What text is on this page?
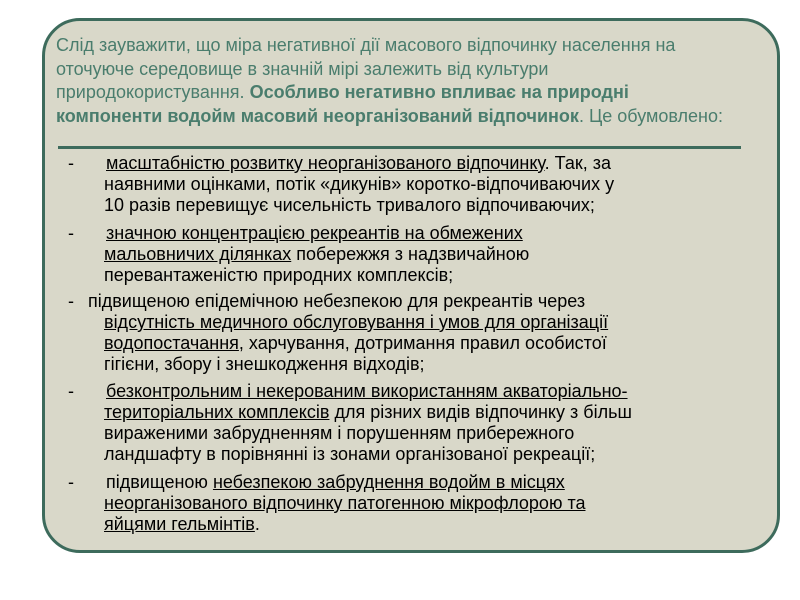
Слід зауважити, що міра негативної дії масового відпочинку населення на
оточуюче середовище в значній мірі залежить від культури
природокористування. Особливо негативно впливає на природні
компоненти водойм масовий неорганізований відпочинок. Це обумовлено:
- масштабністю розвитку неорганізованого відпочинку. Так, за
наявними оцінками, потік «дикунів» коротко-відпочиваючих у
10 разів перевищує чисельність тривалого відпочиваючих;
- значною концентрацією рекреантів на обмежених
мальовничих ділянках побережжя з надзвичайною
перевантаженістю природних комплексів;
- підвищеною епідемічною небезпекою для рекреантів через
відсутність медичного обслуговування і умов для організації
водопостачання, харчування, дотримання правил особистої
гігієни, збору і знешкодження відходів;
- безконтрольним і некерованим використанням акваторіально-
територіальних комплексів для різних видів відпочинку з більш
вираженими забрудненням і порушенням прибережного
ландшафту в порівнянні із зонами організованої рекреації;
- підвищеною небезпекою забруднення водойм в місцях
неорганізованого відпочинку патогенною мікрофлорою та
яйцями гельмінтів.
